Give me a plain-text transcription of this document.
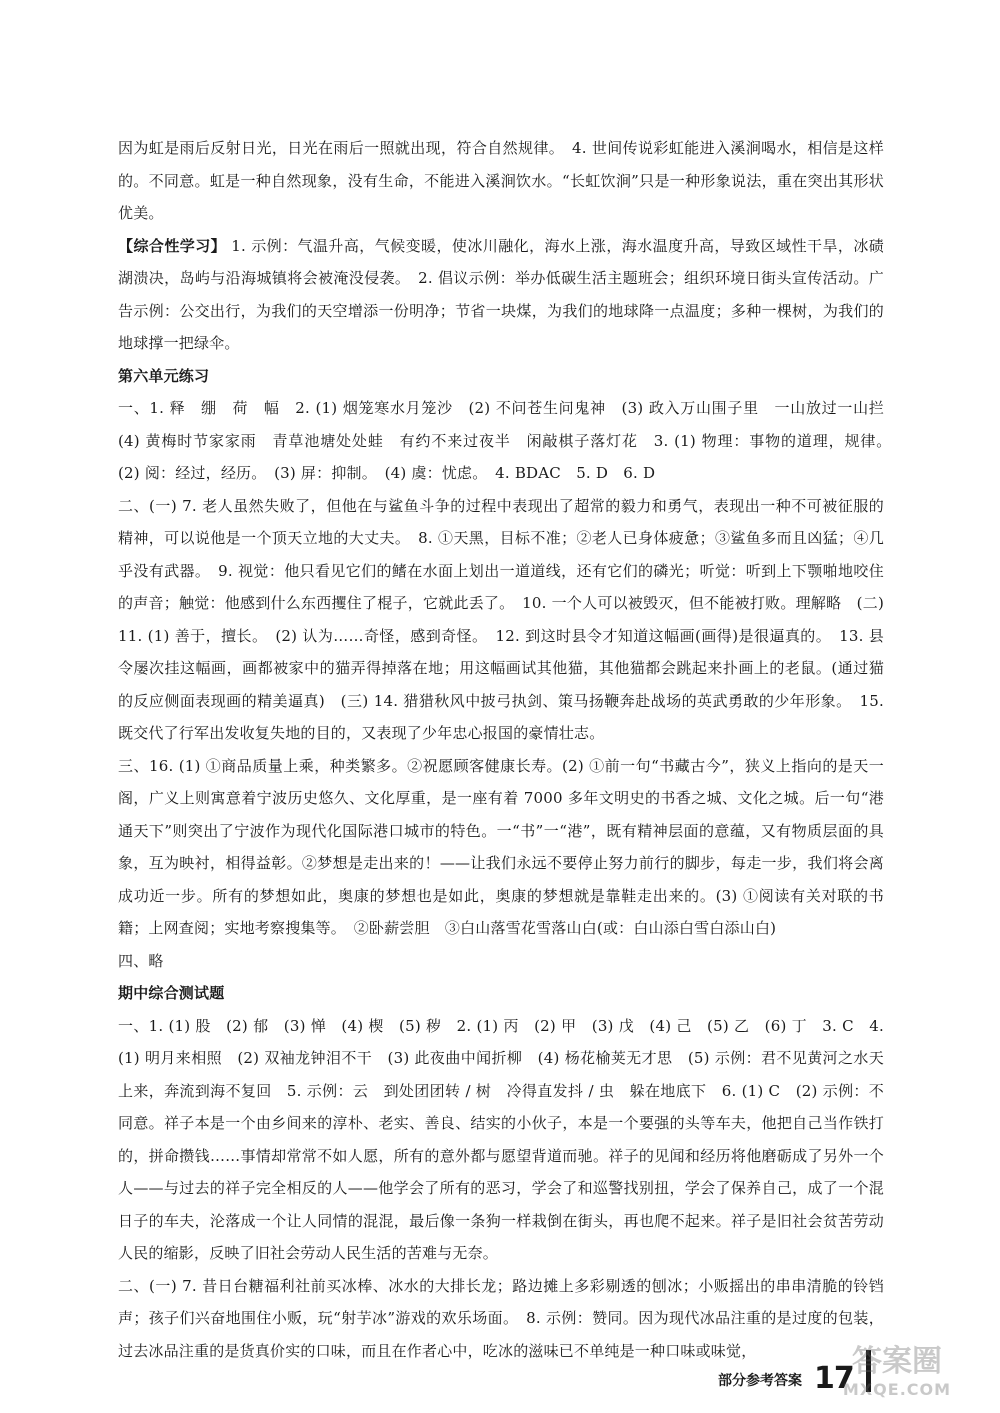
因为虹是雨后反射日光，日光在雨后一照就出现，符合自然规律。　4. 世间传说彩虹能进入溪涧喝水，相信是这样的。不同意。虹是一种自然现象，没有生命，不能进入溪涧饮水。“长虹饮涧”只是一种形象说法，重在突出其形状优美。

【综合性学习】 1. 示例：气温升高，气候变暖，使冰川融化，海水上涨，海水温度升高，导致区域性干旱，冰碛湖溃决，岛屿与沿海城镇将会被淹没侵袭。　2. 倡议示例：举办低碳生活主题班会；组织环境日街头宣传活动。广告示例：公交出行，为我们的天空增添一份明净；节省一块煤，为我们的地球降一点温度；多种一棵树，为我们的地球撑一把绿伞。

第六单元练习

一、1. 释　绷　荷　幅　2. (1) 烟笼寒水月笼沙　(2) 不问苍生问鬼神　(3) 政入万山围子里　一山放过一山拦　(4) 黄梅时节家家雨　青草池塘处处蛙　有约不来过夜半　闲敲棋子落灯花　3. (1) 物理：事物的道理，规律。　(2) 阅：经过，经历。　(3) 屏：抑制。　(4) 虞：忧虑。　4. BDAC　5. D　6. D

二、(一) 7. 老人虽然失败了，但他在与鲨鱼斗争的过程中表现出了超常的毅力和勇气，表现出一种不可被征服的精神，可以说他是一个顶天立地的大丈夫。　8. ①天黑，目标不准；②老人已身体疲惫；③鲨鱼多而且凶猛；④几乎没有武器。　9. 视觉：他只看见它们的鳍在水面上划出一道道线，还有它们的磷光；听觉：听到上下颚啪地咬住的声音；触觉：他感到什么东西攫住了棍子，它就此丢了。　10. 一个人可以被毁灭，但不能被打败。理解略　(二) 11. (1) 善于，擅长。　(2) 认为……奇怪，感到奇怪。　12. 到这时县令才知道这幅画(画得)是很逼真的。　13. 县令屡次挂这幅画，画都被家中的猫弄得掉落在地；用这幅画试其他猫，其他猫都会跳起来扑画上的老鼠。(通过猫的反应侧面表现画的精美逼真)　(三) 14. 猎猎秋风中披弓执剑、策马扬鞭奔赴战场的英武勇敢的少年形象。　15. 既交代了行军出发收复失地的目的，又表现了少年忠心报国的豪情壮志。

三、16. (1) ①商品质量上乘，种类繁多。②祝愿顾客健康长寿。(2) ①前一句“书藏古今”，狭义上指向的是天一阁，广义上则寓意着宁波历史悠久、文化厚重，是一座有着 7000 多年文明史的书香之城、文化之城。后一句“港通天下”则突出了宁波作为现代化国际港口城市的特色。一“书”一“港”，既有精神层面的意蕴，又有物质层面的具象，互为映衬，相得益彰。②梦想是走出来的！——让我们永远不要停止努力前行的脚步，每走一步，我们将会离成功近一步。所有的梦想如此，奥康的梦想也是如此，奥康的梦想就是靠鞋走出来的。(3) ①阅读有关对联的书籍；上网查阅；实地考察搜集等。　②卧薪尝胆　③白山落雪花雪落山白(或：白山添白雪白添山白)

四、略

期中综合测试题

一、1. (1) 股　(2) 郁　(3) 惮　(4) 楔　(5) 秽　2. (1) 丙　(2) 甲　(3) 戊　(4) 己　(5) 乙　(6) 丁　3. C　4. (1) 明月来相照　(2) 双袖龙钟泪不干　(3) 此夜曲中闻折柳　(4) 杨花榆荚无才思　(5) 示例：君不见黄河之水天上来，奔流到海不复回　5. 示例：云　到处团团转 / 树　冷得直发抖 / 虫　躲在地底下　6. (1) C　(2) 示例：不同意。祥子本是一个由乡间来的淳朴、老实、善良、结实的小伙子，本是一个要强的头等车夫，他把自己当作铁打的，拼命攒钱……事情却常常不如人愿，所有的意外都与愿望背道而驰。祥子的见闻和经历将他磨砺成了另外一个人——与过去的祥子完全相反的人——他学会了所有的恶习，学会了和巡警找别扭，学会了保养自己，成了一个混日子的车夫，沦落成一个让人同情的混混，最后像一条狗一样栽倒在街头，再也爬不起来。祥子是旧社会贫苦劳动人民的缩影，反映了旧社会劳动人民生活的苦难与无奈。

二、(一) 7. 昔日台糖福利社前买冰棒、冰水的大排长龙；路边摊上多彩剔透的刨冰；小贩摇出的串串清脆的铃铛声；孩子们兴奋地围住小贩，玩“射芋冰”游戏的欢乐场面。　8. 示例：赞同。因为现代冰品注重的是过度的包装，过去冰品注重的是货真价实的口味，而且在作者心中，吃冰的滋味已不单纯是一种口味或味觉，

部分参考答案 17
答案圈
MXQE.COM
